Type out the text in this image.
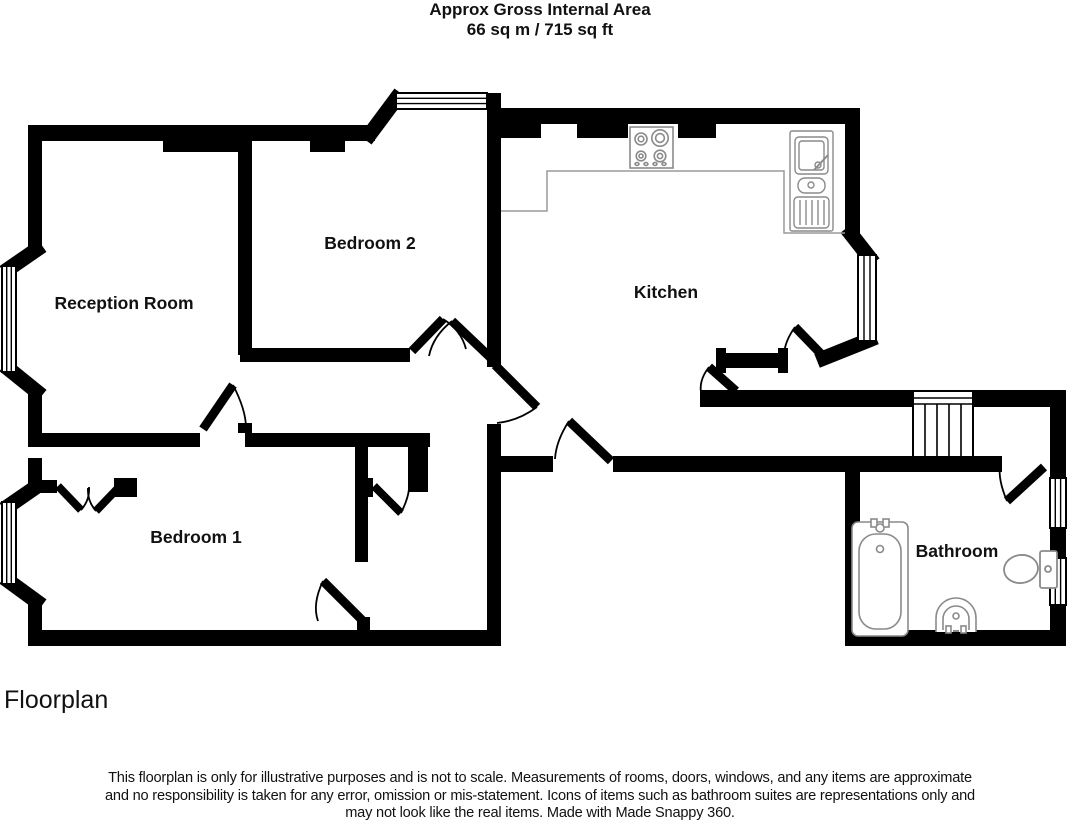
Approx Gross Internal Area
66 sq m / 715 sq ft
Reception Room
Bedroom 2
Kitchen
Bedroom 1
Bathroom
Floorplan
This floorplan is only for illustrative purposes and is not to scale. Measurements of rooms, doors, windows, and any items are approximate
and no responsibility is taken for any error, omission or mis-statement. Icons of items such as bathroom suites are representations only and
may not look like the real items. Made with Made Snappy 360.
